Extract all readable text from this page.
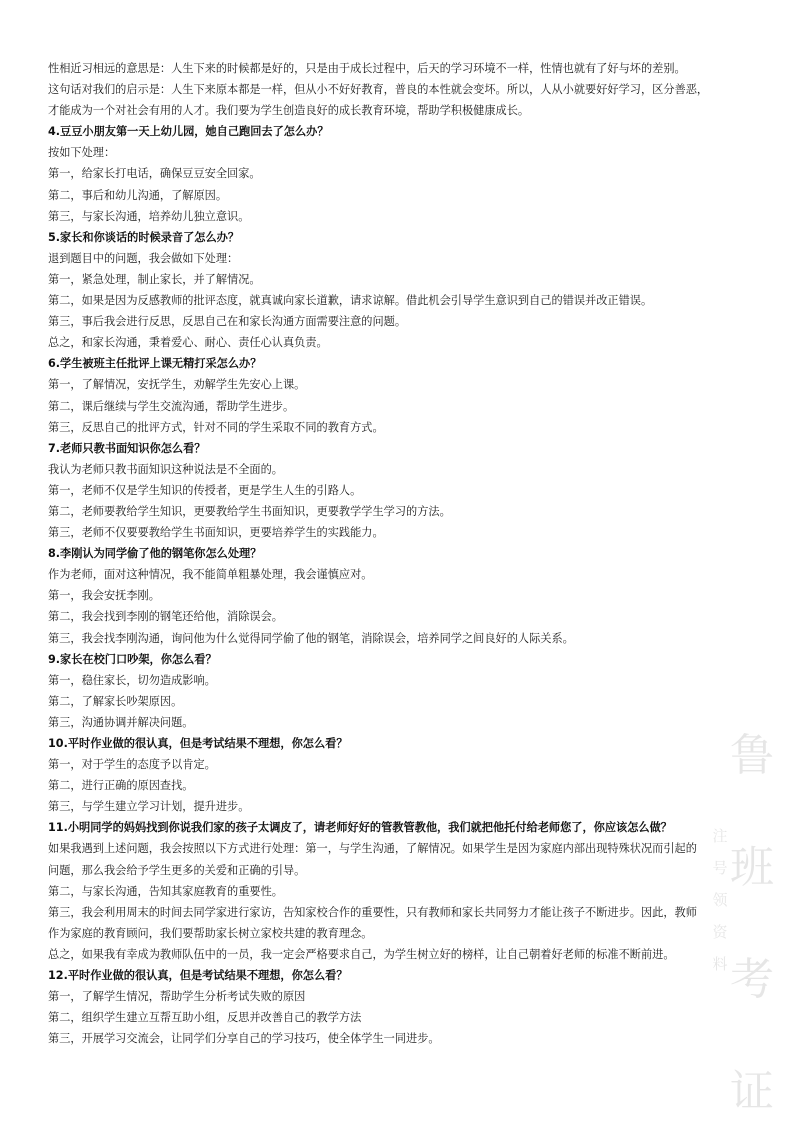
鲁
班
考
证
注
号
领
资
料
性相近习相远的意思是：人生下来的时候都是好的，只是由于成长过程中，后天的学习环境不一样，性情也就有了好与坏的差别。
这句话对我们的启示是：人生下来原本都是一样，但从小不好好教育，普良的本性就会变坏。所以，人从小就要好好学习，区分善恶，
才能成为一个对社会有用的人才。我们要为学生创造良好的成长教育环境，帮助学积极健康成长。
4.豆豆小朋友第一天上幼儿园，她自己跑回去了怎么办？
按如下处理：
第一，给家长打电话，确保豆豆安全回家。
第二，事后和幼儿沟通，了解原因。
第三，与家长沟通，培养幼儿独立意识。
5.家长和你谈话的时候录音了怎么办？
退到题目中的问题，我会做如下处理：
第一，紧急处理，制止家长，并了解情况。
第二，如果是因为反感教师的批评态度，就真诚向家长道歉，请求谅解。借此机会引导学生意识到自己的错误并改正错误。
第三，事后我会进行反思，反思自己在和家长沟通方面需要注意的问题。
总之，和家长沟通，秉着爱心、耐心、责任心认真负责。
6.学生被班主任批评上课无精打采怎么办？
第一，了解情况，安抚学生，劝解学生先安心上课。
第二，课后继续与学生交流沟通，帮助学生进步。
第三，反思自己的批评方式，针对不同的学生采取不同的教育方式。
7.老师只教书面知识你怎么看？
我认为老师只教书面知识这种说法是不全面的。
第一，老师不仅是学生知识的传授者，更是学生人生的引路人。
第二，老师要教给学生知识，更要教给学生书面知识，更要教学学生学习的方法。
第三，老师不仅要要教给学生书面知识，更要培养学生的实践能力。
8.李刚认为同学偷了他的钢笔你怎么处理？
作为老师，面对这种情况，我不能简单粗暴处理，我会谨慎应对。
第一，我会安抚李刚。
第二，我会找到李刚的钢笔还给他，消除误会。
第三，我会找李刚沟通，询问他为什么觉得同学偷了他的钢笔，消除误会，培养同学之间良好的人际关系。
9.家长在校门口吵架，你怎么看？
第一，稳住家长，切勿造成影响。
第二，了解家长吵架原因。
第三，沟通协调并解决问题。
10.平时作业做的很认真，但是考试结果不理想，你怎么看？
第一，对于学生的态度予以肯定。
第二，进行正确的原因查找。
第三，与学生建立学习计划，提升进步。
11.小明同学的妈妈找到你说我们家的孩子太调皮了，请老师好好的管教管教他，我们就把他托付给老师您了，你应该怎么做？
如果我遇到上述问题，我会按照以下方式进行处理：第一，与学生沟通，了解情况。如果学生是因为家庭内部出现特殊状况而引起的
问题，那么我会给予学生更多的关爱和正确的引导。
第二，与家长沟通，告知其家庭教育的重要性。
第三，我会利用周末的时间去同学家进行家访，告知家校合作的重要性，只有教师和家长共同努力才能让孩子不断进步。因此，教师
作为家庭的教育顾问，我们要帮助家长树立家校共建的教育理念。
总之，如果我有幸成为教师队伍中的一员，我一定会严格要求自己，为学生树立好的榜样，让自己朝着好老师的标准不断前进。
12.平时作业做的很认真，但是考试结果不理想，你怎么看？
第一，了解学生情况，帮助学生分析考试失败的原因
第二，组织学生建立互帮互助小组，反思并改善自己的教学方法
第三，开展学习交流会，让同学们分享自己的学习技巧，使全体学生一同进步。
